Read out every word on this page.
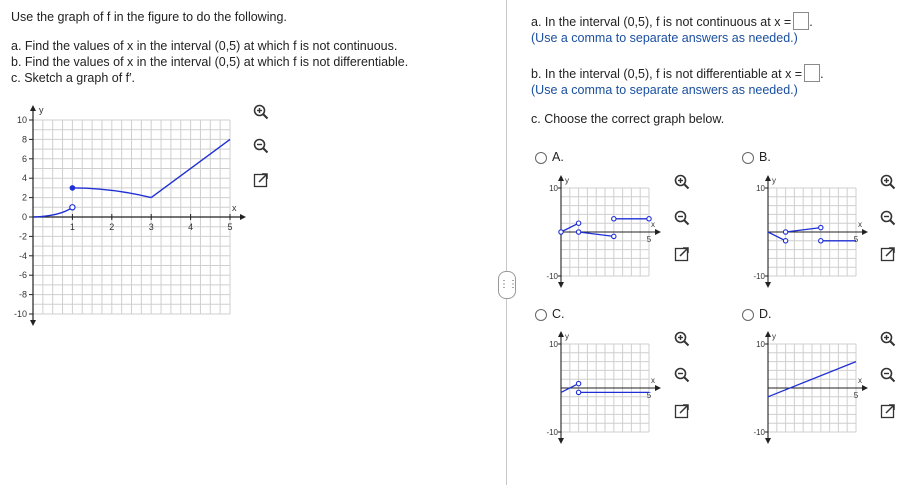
Use the graph of f in the figure to do the following.
a. Find the values of x in the interval (0,5) at which f is not continuous.
b. Find the values of x in the interval (0,5) at which f is not differentiable.
c. Sketch a graph of f′.
y
x
10
8
6
4
2
0
-2
-4
-6
-8
-10
1	2	3	4	5
⋮⋮
a. In the interval (0,5), f is not continuous at x = .
(Use a comma to separate answers as needed.)
b. In the interval (0,5), f is not differentiable at x = .
(Use a comma to separate answers as needed.)
c. Choose the correct graph below.
A.
y
x
10
-10
5
B.
y
x
10
-10
5
C.
y
x
10
-10
5
D.
y
x
10
-10
5
